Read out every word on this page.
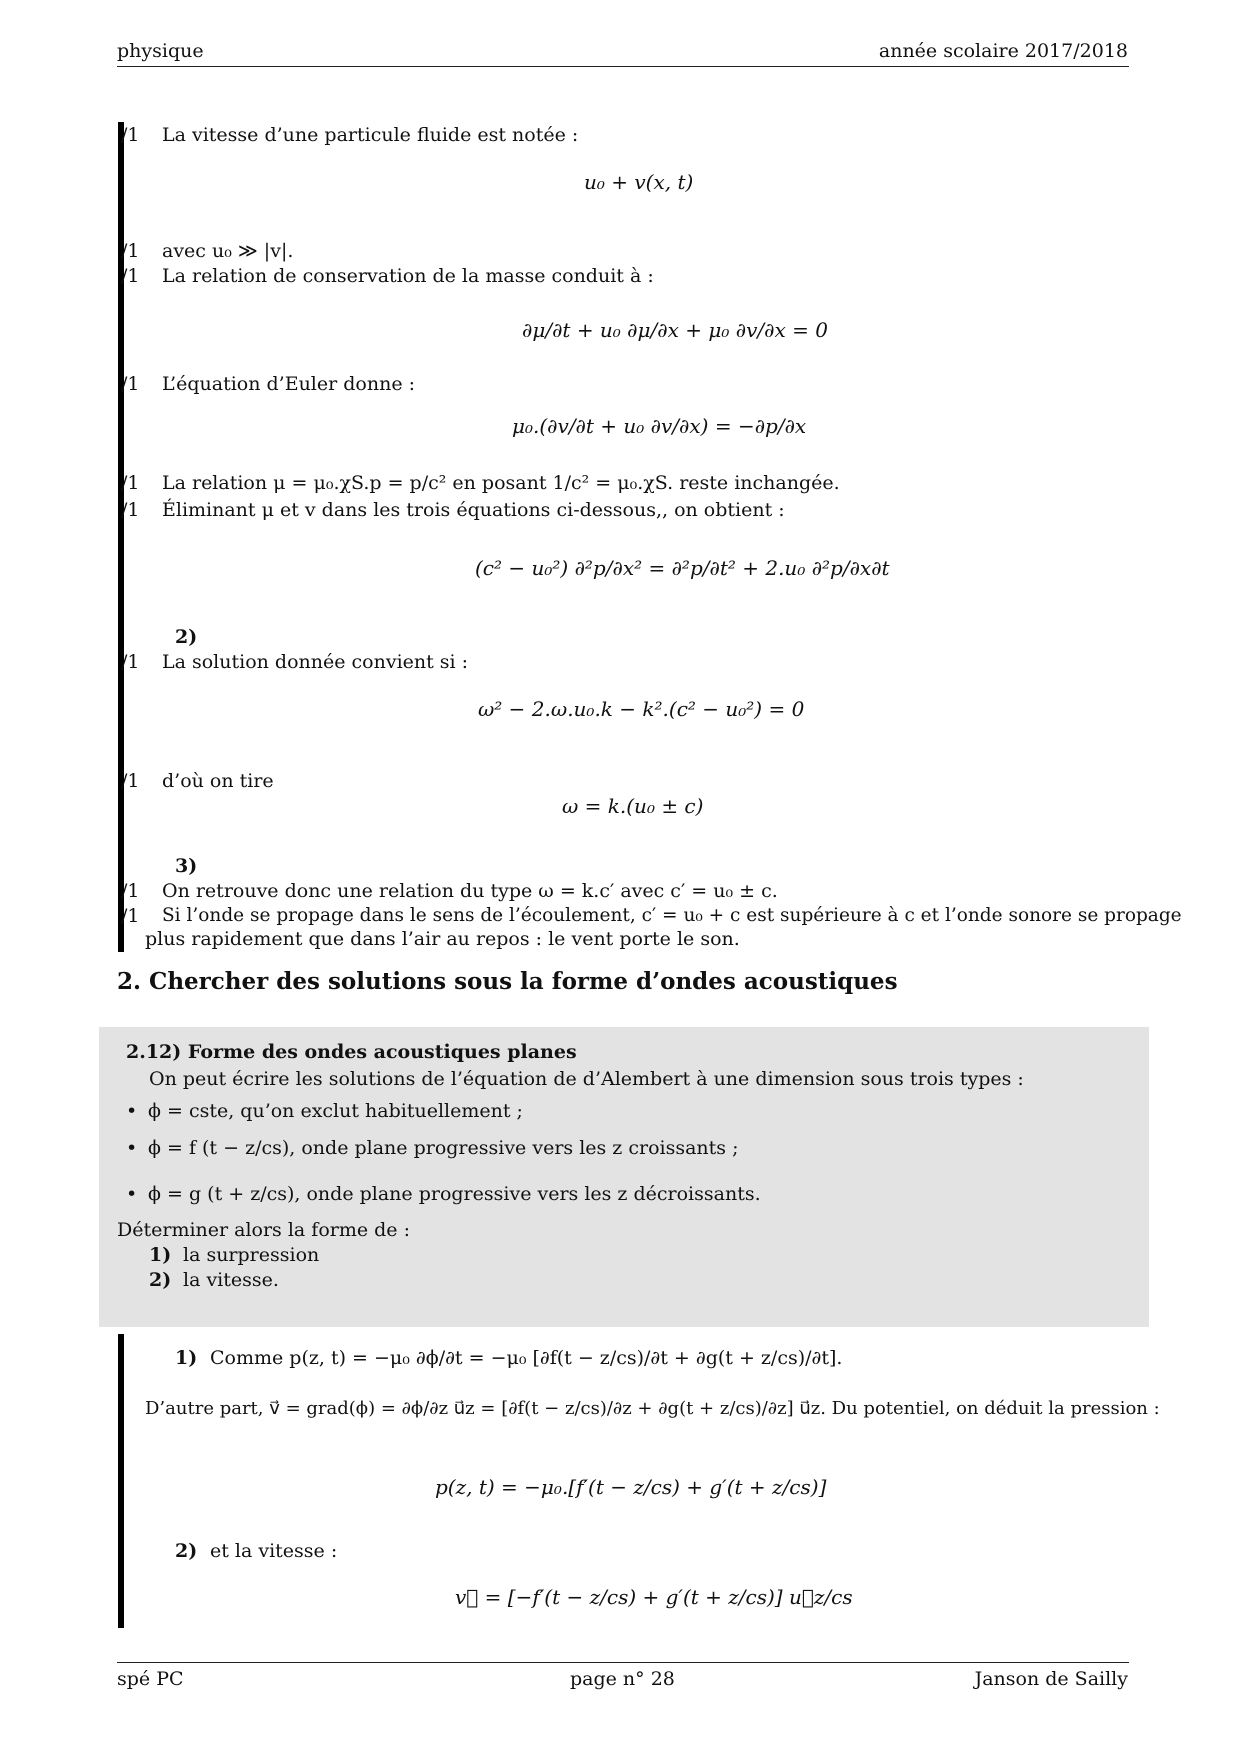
physique	année scolaire 2017/2018
/1
/1
/1
/1
/1
/1
/1
/1
/1
/1
La vitesse d’une particule fluide est notée :
u₀ + v(x, t)
avec u₀ ≫ |v|.
La relation de conservation de la masse conduit à :
∂μ/∂t + u₀ ∂μ/∂x + μ₀ ∂v/∂x = 0
L’équation d’Euler donne :
μ₀.(∂v/∂t + u₀ ∂v/∂x) = −∂p/∂x
La relation μ = μ₀.χS.p = p/c² en posant 1/c² = μ₀.χS. reste inchangée.
Éliminant μ et v dans les trois équations ci-dessous,, on obtient :
(c² − u₀²) ∂²p/∂x² = ∂²p/∂t² + 2.u₀ ∂²p/∂x∂t
2)
La solution donnée convient si :
ω² − 2.ω.u₀.k − k².(c² − u₀²) = 0
d’où on tire
ω = k.(u₀ ± c)
3)
On retrouve donc une relation du type ω = k.c′ avec c′ = u₀ ± c.
Si l’onde se propage dans le sens de l’écoulement, c′ = u₀ + c est supérieure à c et l’onde sonore se propage
plus rapidement que dans l’air au repos : le vent porte le son.
2. Chercher des solutions sous la forme d’ondes acoustiques
2.12) Forme des ondes acoustiques planes
On peut écrire les solutions de l’équation de d’Alembert à une dimension sous trois types :
• ϕ = cste, qu’on exclut habituellement ;
• ϕ = f (t − z/cs), onde plane progressive vers les z croissants ;
• ϕ = g (t + z/cs), onde plane progressive vers les z décroissants.
Déterminer alors la forme de :
1) la surpression
2) la vitesse.
1) Comme p(z, t) = −μ₀ ∂ϕ/∂t = −μ₀ [∂f(t − z/cs)/∂t + ∂g(t + z/cs)/∂t].
D’autre part, v⃗ = grad(ϕ) = ∂ϕ/∂z u⃗z = [∂f(t − z/cs)/∂z + ∂g(t + z/cs)/∂z] u⃗z. Du potentiel, on déduit la pression :
p(z, t) = −μ₀.[f′(t − z/cs) + g′(t + z/cs)]
2) et la vitesse :
v⃗ = [−f′(t − z/cs) + g′(t + z/cs)] u⃗z/cs
spé PC	page n° 28	Janson de Sailly
